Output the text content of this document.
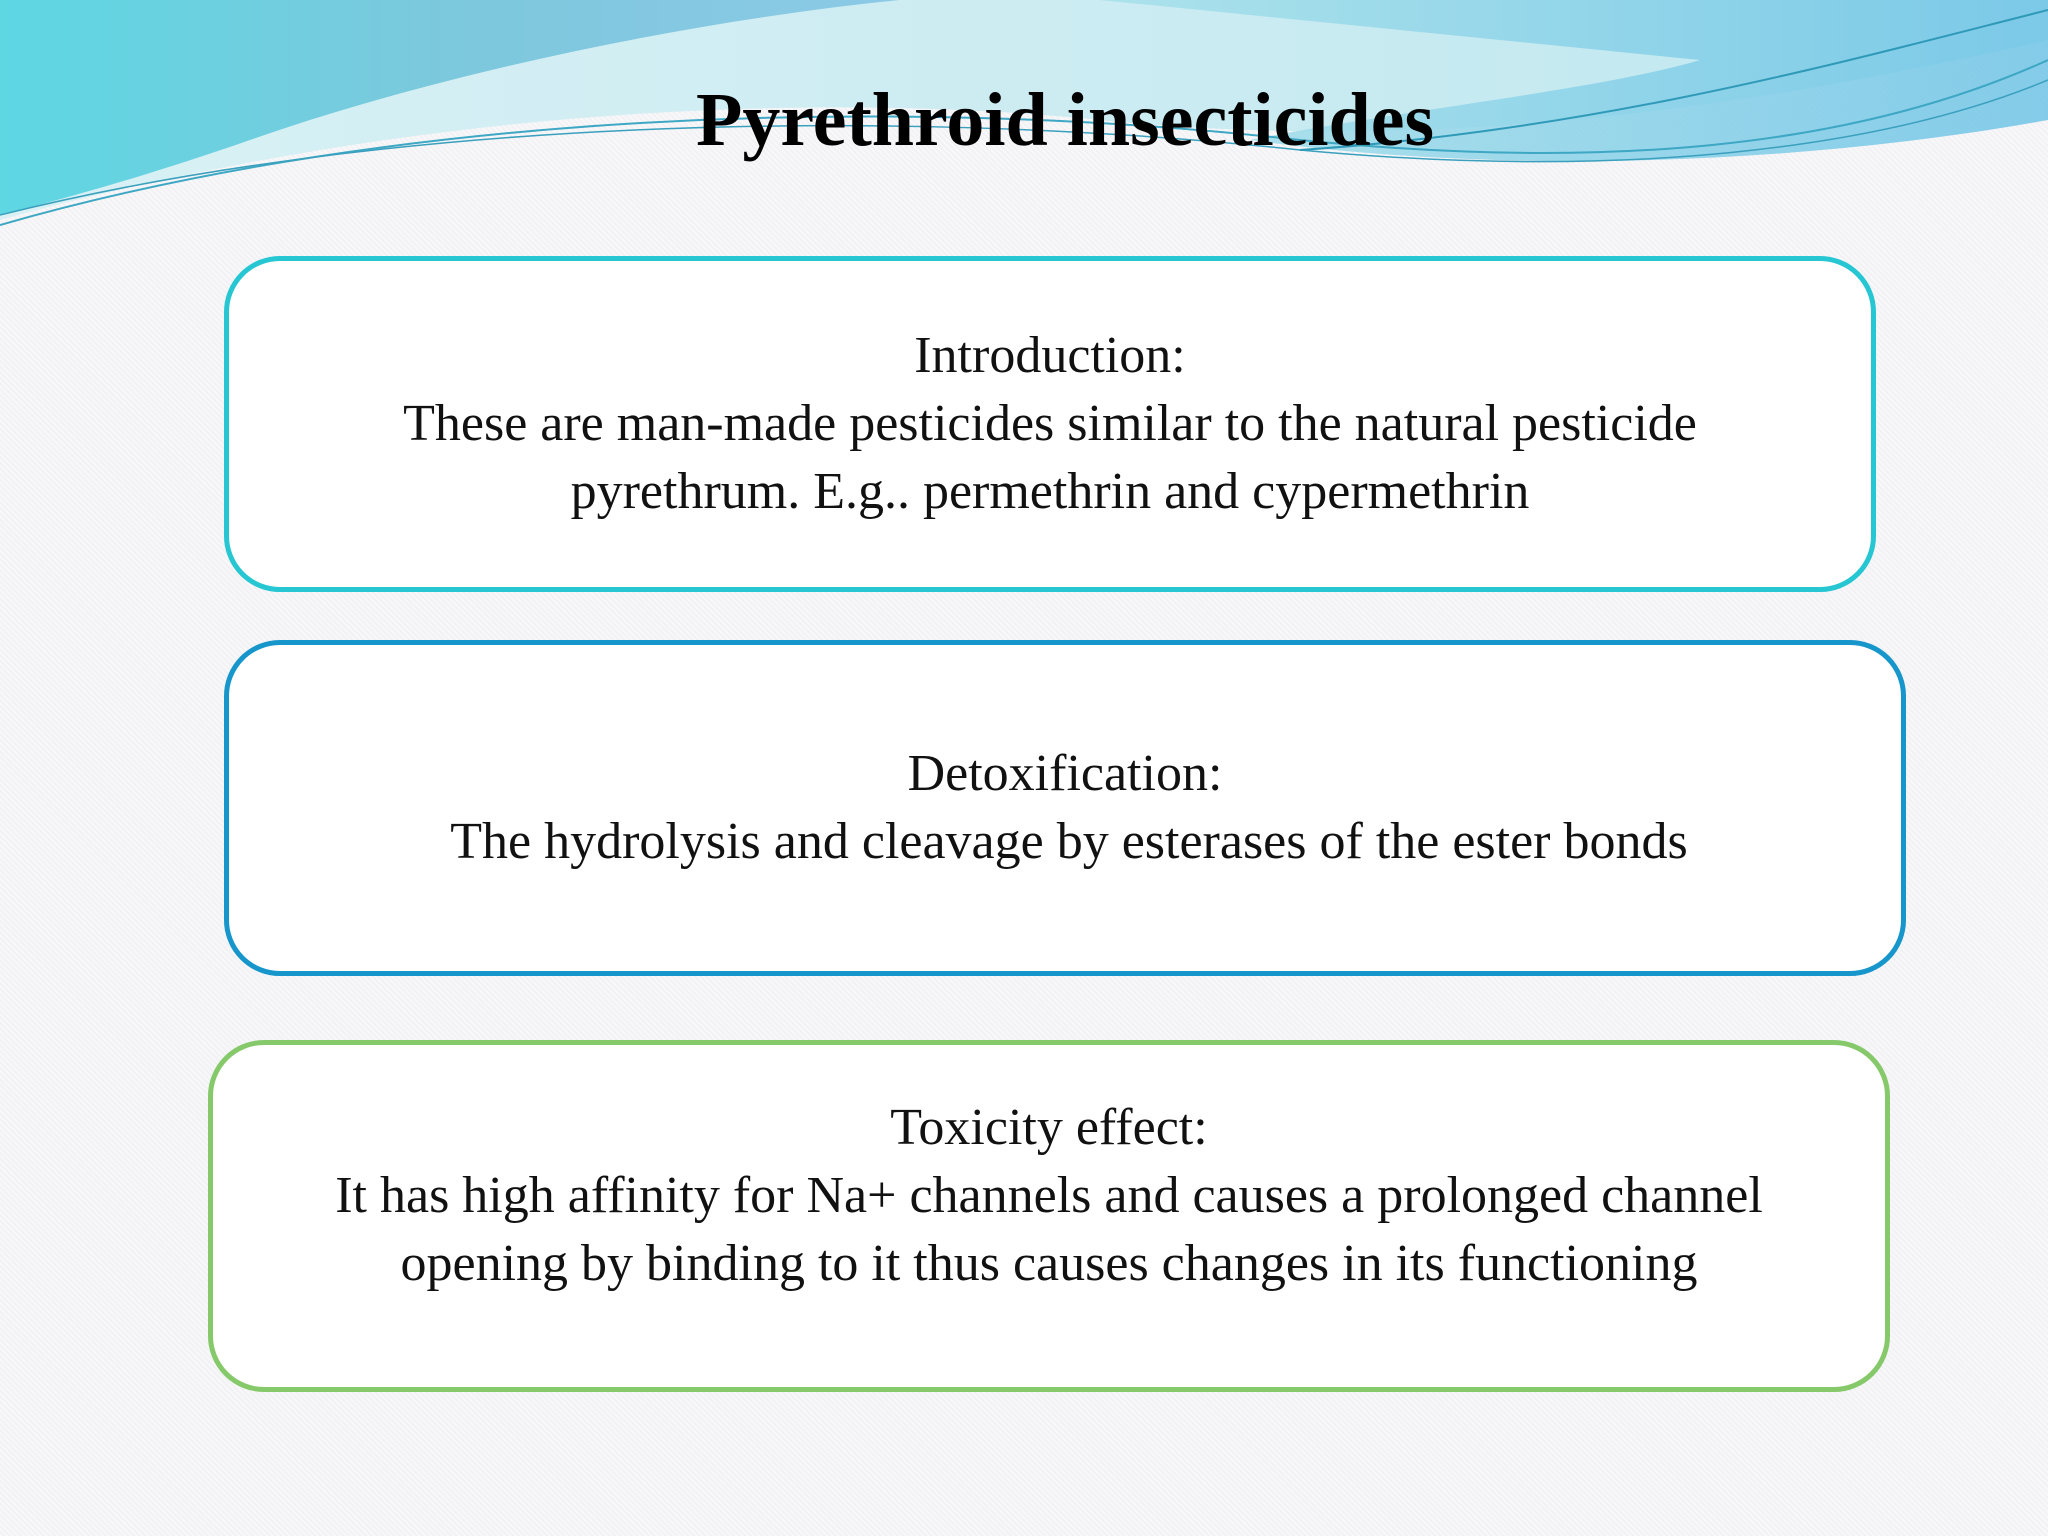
Pyrethroid insecticides

Introduction:

These are man-made pesticides similar to the natural pesticide

pyrethrum. E.g.. permethrin and cypermethrin

Detoxification:

The hydrolysis and cleavage by esterases of the ester bonds

Toxicity effect:

It has high affinity for Na+ channels and causes a prolonged channel

opening by binding to it thus causes changes in its functioning
